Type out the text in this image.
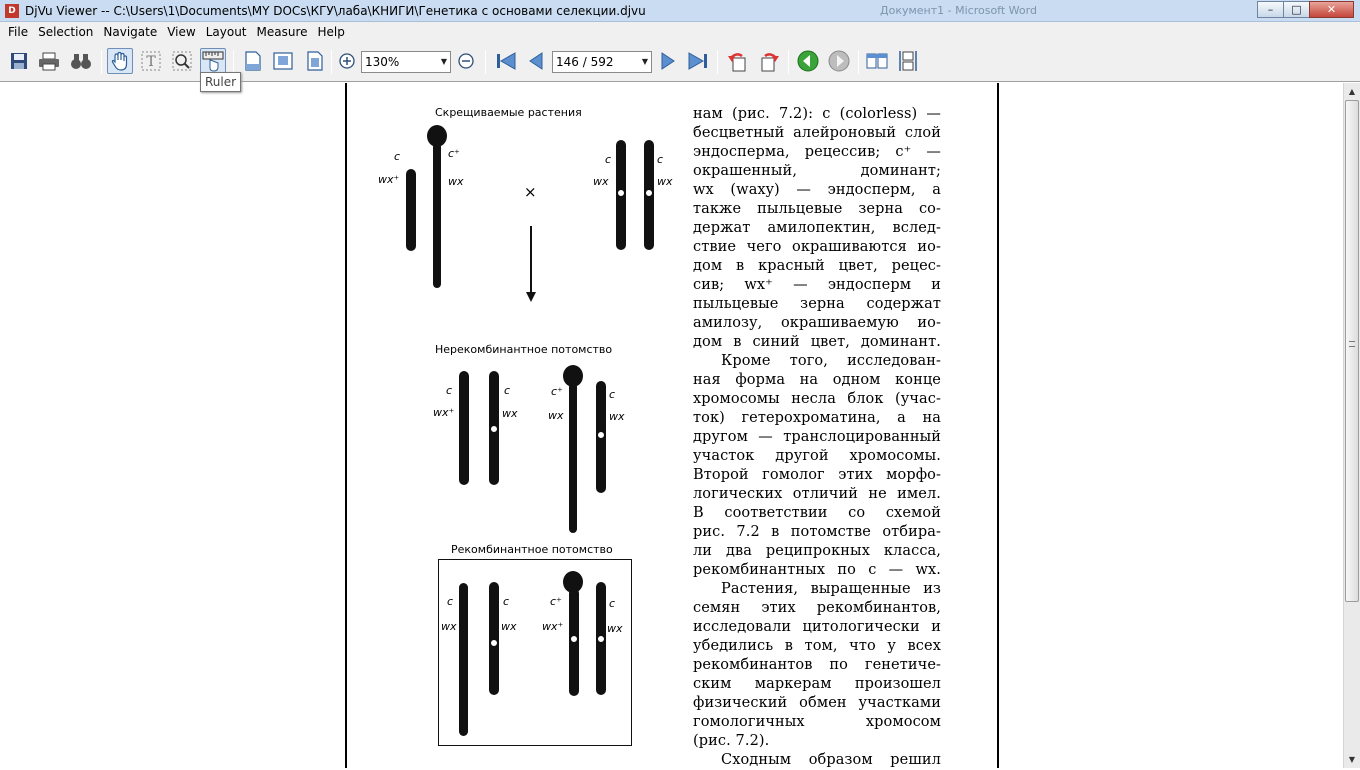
D DjVu Viewer -- C:\Users\1\Documents\MY DOCs\КГУ\лаба\КНИГИ\Генетика с основами селекции.djvu	Документ1 - Microsoft Word	–	□	✕
File Selection Navigate View Layout Measure Help
T	130%	▼	146 / 592	▼
Ruler
Скрещиваемые растения
c
wx⁺
c⁺
wx
×
c
wx
c
wx
Нерекомбинантное потомство
c
wx⁺
c
wx
c⁺
wx
c
wx
Рекомбинантное потомство
c
wx
c
wx
c⁺
wx⁺
c
wx
нам (рис. 7.2): c (colorless) —
бесцветный алейроновый слой
эндосперма, рецессив; c⁺ —
окрашенный, доминант;
wx (waxy) — эндосперм, а
также пыльцевые зерна со-
держат амилопектин, вслед-
ствие чего окрашиваются ио-
дом в красный цвет, рецес-
сив; wx⁺ — эндосперм и
пыльцевые зерна содержат
амилозу, окрашиваемую ио-
дом в синий цвет, доминант.
Кроме того, исследован-
ная форма на одном конце
хромосомы несла блок (учас-
ток) гетерохроматина, а на
другом — транслоцированный
участок другой хромосомы.
Второй гомолог этих морфо-
логических отличий не имел.
В соответствии со схемой
рис. 7.2 в потомстве отбира-
ли два реципрокных класса,
рекомбинантных по c — wx.
Растения, выращенные из
семян этих рекомбинантов,
исследовали цитологически и
убедились в том, что у всех
рекомбинантов по генетиче-
ским маркерам произошел
физический обмен участками
гомологичных хромосом
(рис. 7.2).
Сходным образом решил
▲
▼
